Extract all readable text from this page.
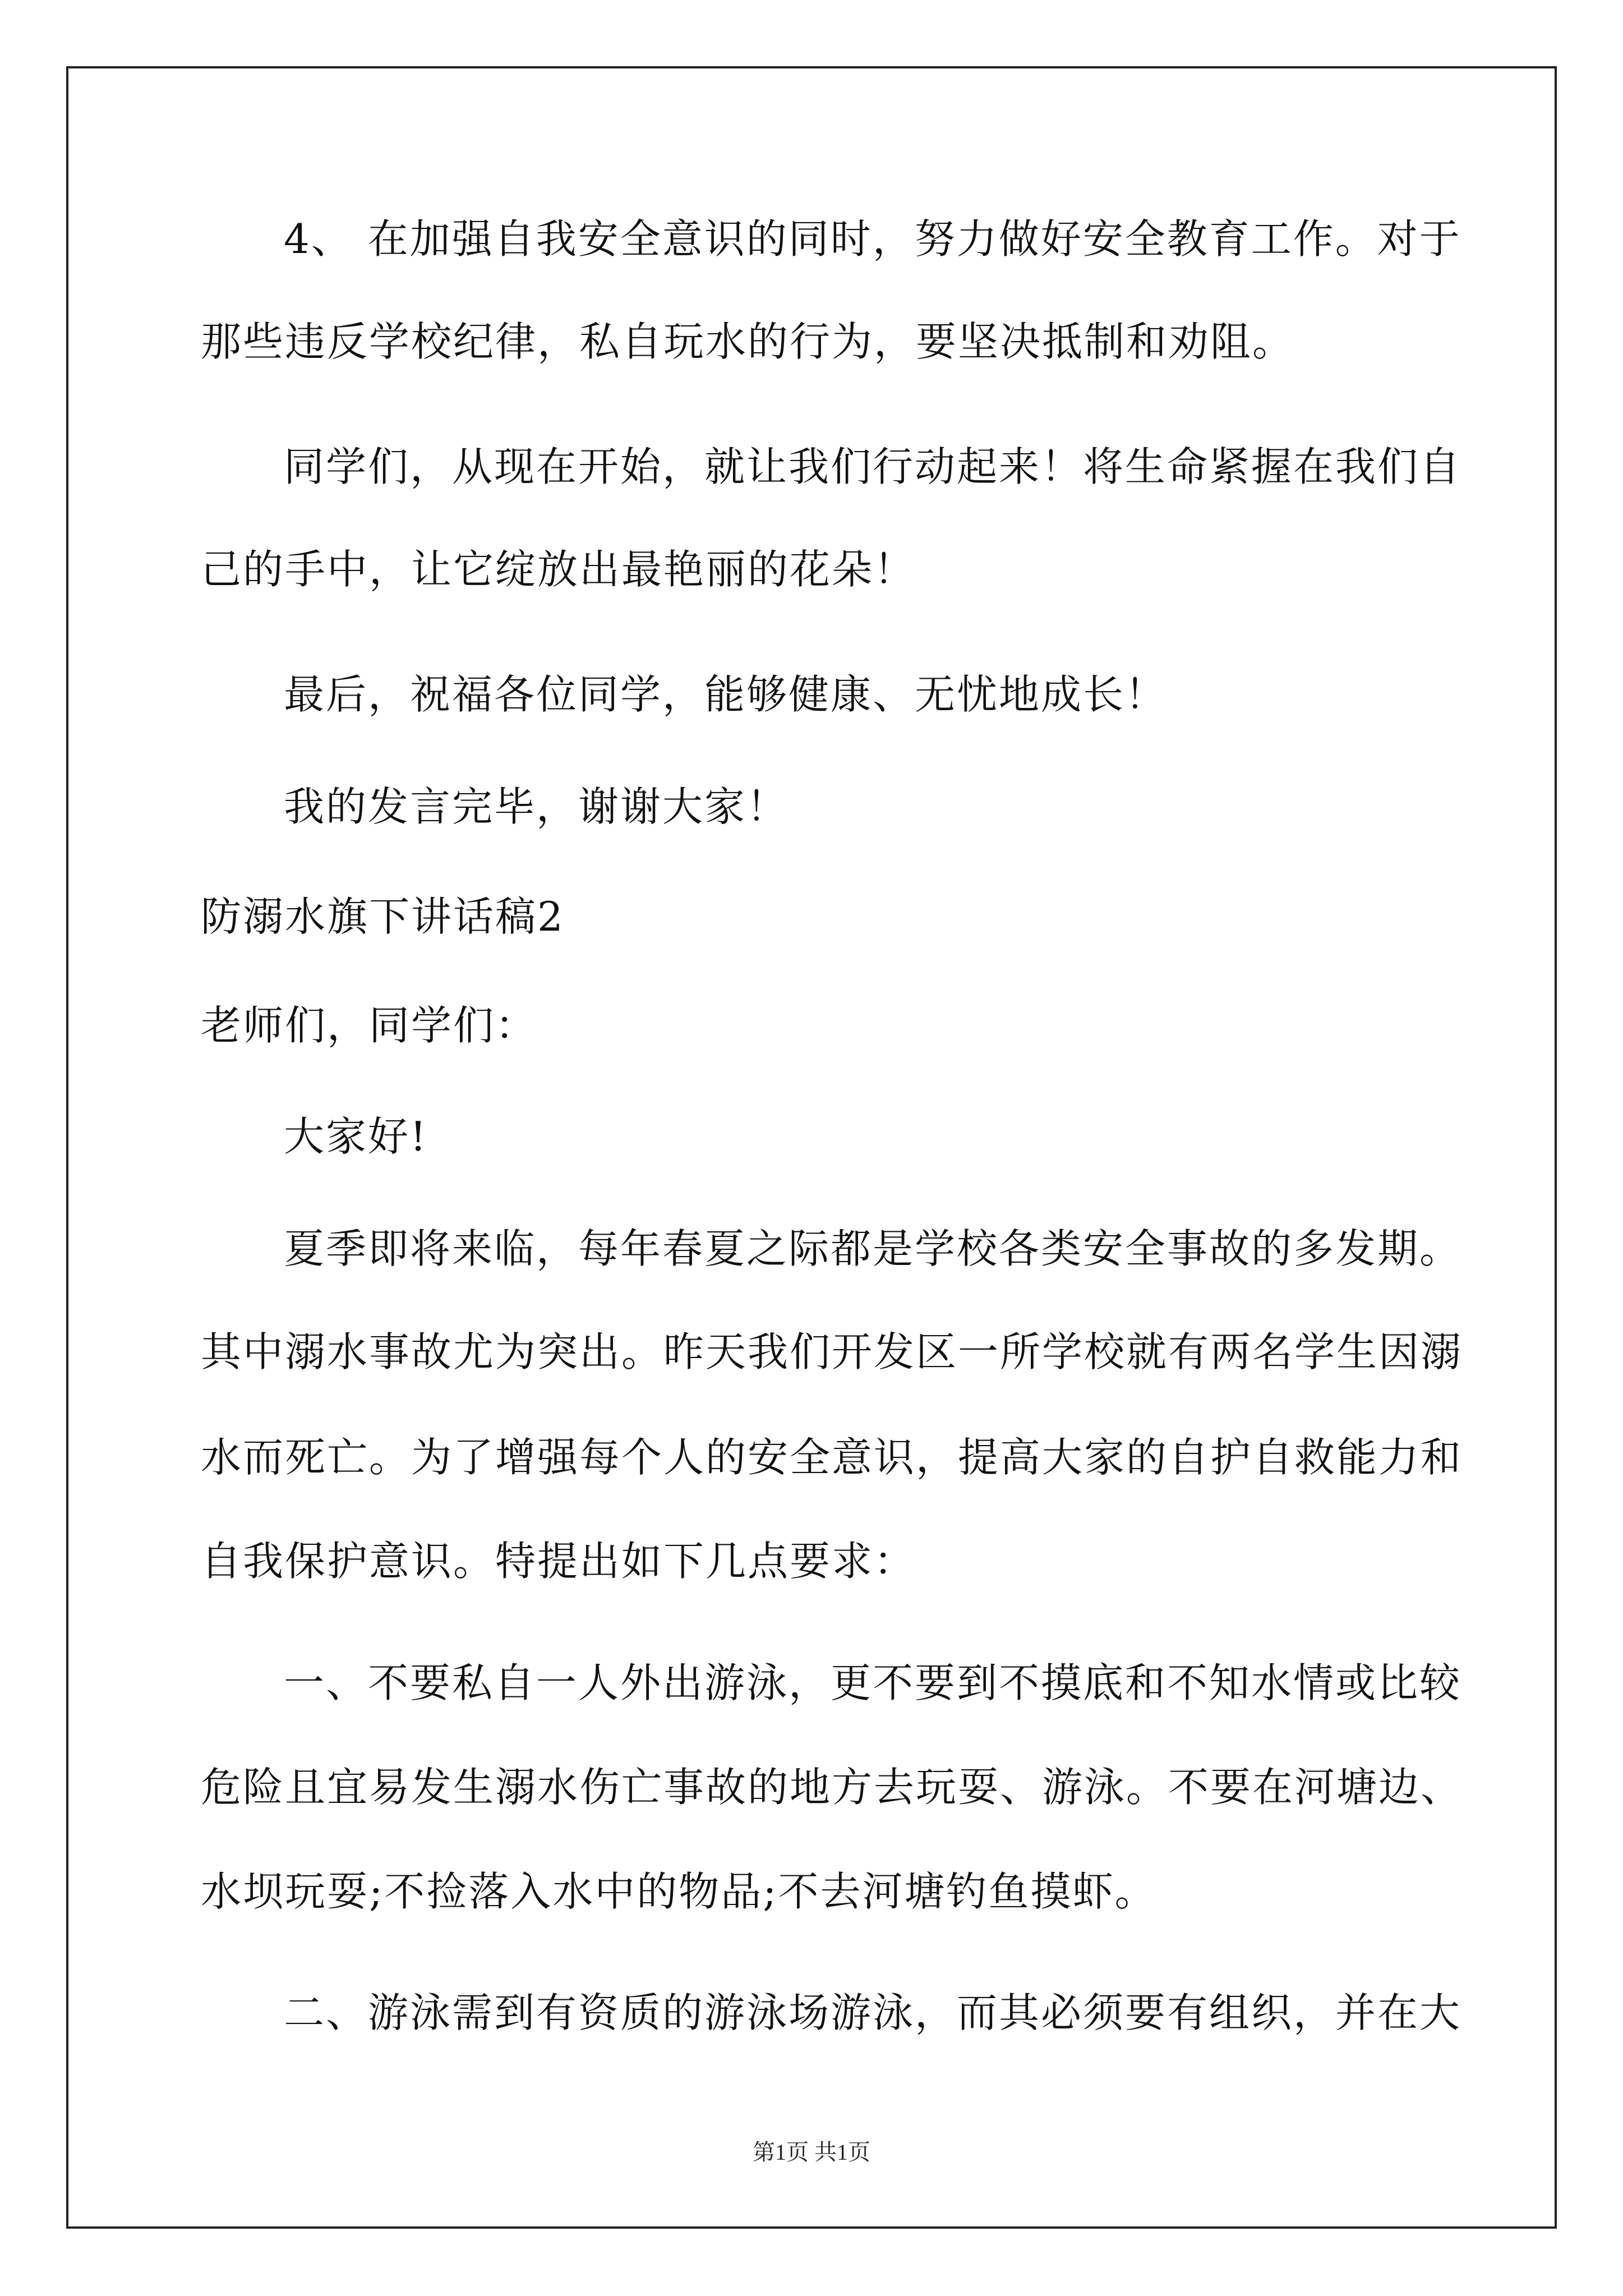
4、 在加强自我安全意识的同时，努力做好安全教育工作。对于
那些违反学校纪律，私自玩水的行为，要坚决抵制和劝阻。
同学们，从现在开始，就让我们行动起来！将生命紧握在我们自
己的手中，让它绽放出最艳丽的花朵！
最后，祝福各位同学，能够健康、无忧地成长！
我的发言完毕，谢谢大家！
防溺水旗下讲话稿2
老师们，同学们：
大家好!
夏季即将来临，每年春夏之际都是学校各类安全事故的多发期。
其中溺水事故尤为突出。昨天我们开发区一所学校就有两名学生因溺
水而死亡。为了增强每个人的安全意识，提高大家的自护自救能力和
自我保护意识。特提出如下几点要求：
一、不要私自一人外出游泳，更不要到不摸底和不知水情或比较
危险且宜易发生溺水伤亡事故的地方去玩耍、游泳。不要在河塘边、
水坝玩耍;不捡落入水中的物品;不去河塘钓鱼摸虾。
二、游泳需到有资质的游泳场游泳，而其必须要有组织，并在大
第1页 共1页
